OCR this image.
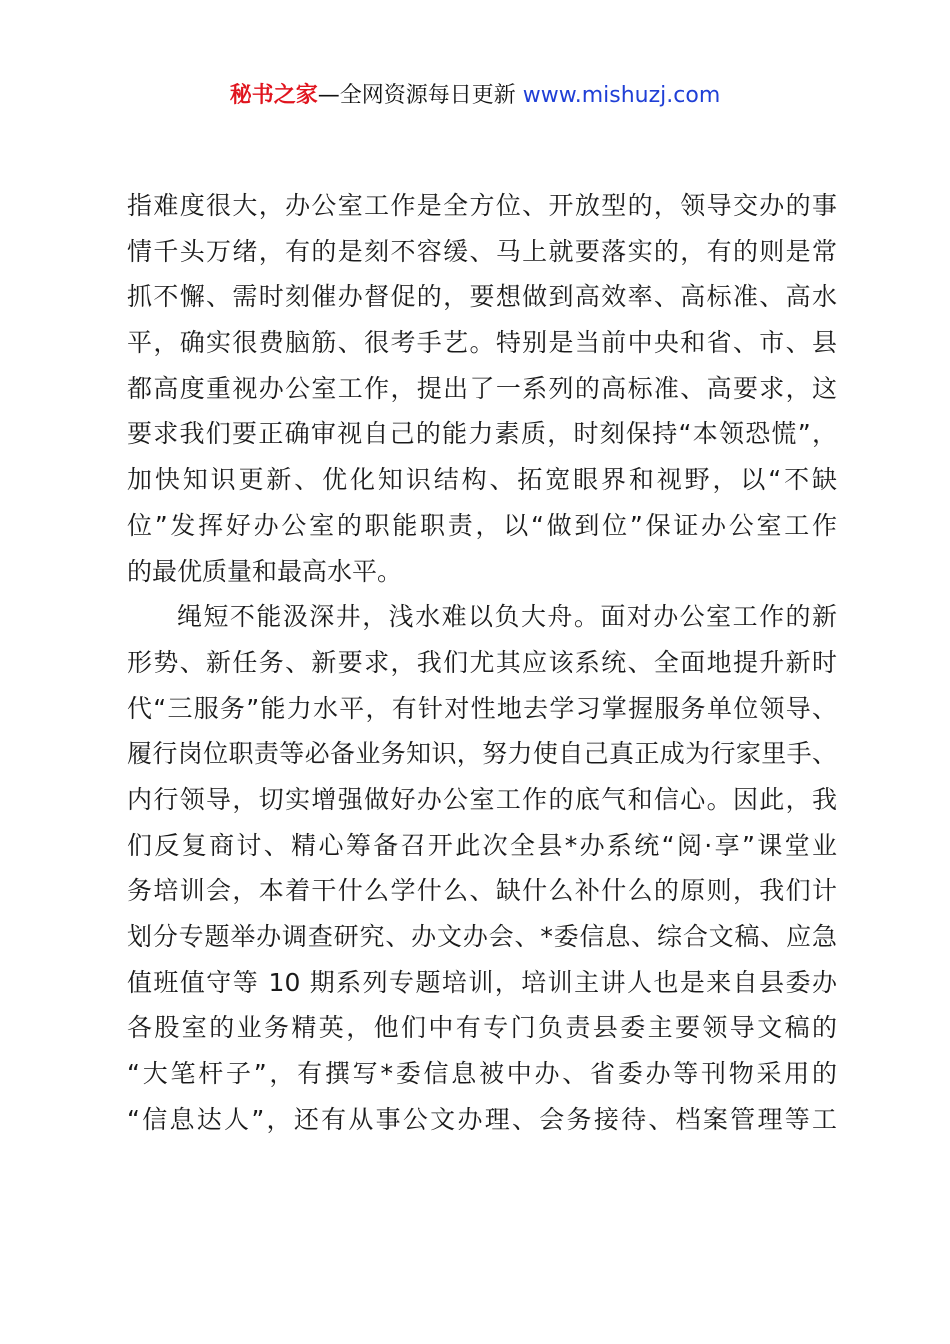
秘书之家—全网资源每日更新 www.mishuzj.com
指难度很大，办公室工作是全方位、开放型的，领导交办的事
情千头万绪，有的是刻不容缓、马上就要落实的，有的则是常
抓不懈、需时刻催办督促的，要想做到高效率、高标准、高水
平，确实很费脑筋、很考手艺。特别是当前中央和省、市、县
都高度重视办公室工作，提出了一系列的高标准、高要求，这
要求我们要正确审视自己的能力素质，时刻保持“本领恐慌”，
加快知识更新、优化知识结构、拓宽眼界和视野，以“不缺
位”发挥好办公室的职能职责，以“做到位”保证办公室工作
的最优质量和最高水平。
绳短不能汲深井，浅水难以负大舟。面对办公室工作的新
形势、新任务、新要求，我们尤其应该系统、全面地提升新时
代“三服务”能力水平，有针对性地去学习掌握服务单位领导、
履行岗位职责等必备业务知识，努力使自己真正成为行家里手、
内行领导，切实增强做好办公室工作的底气和信心。因此，我
们反复商讨、精心筹备召开此次全县*办系统“阅·享”课堂业
务培训会，本着干什么学什么、缺什么补什么的原则，我们计
划分专题举办调查研究、办文办会、*委信息、综合文稿、应急
值班值守等 10 期系列专题培训，培训主讲人也是来自县委办
各股室的业务精英，他们中有专门负责县委主要领导文稿的
“大笔杆子”，有撰写*委信息被中办、省委办等刊物采用的
“信息达人”，还有从事公文办理、会务接待、档案管理等工
